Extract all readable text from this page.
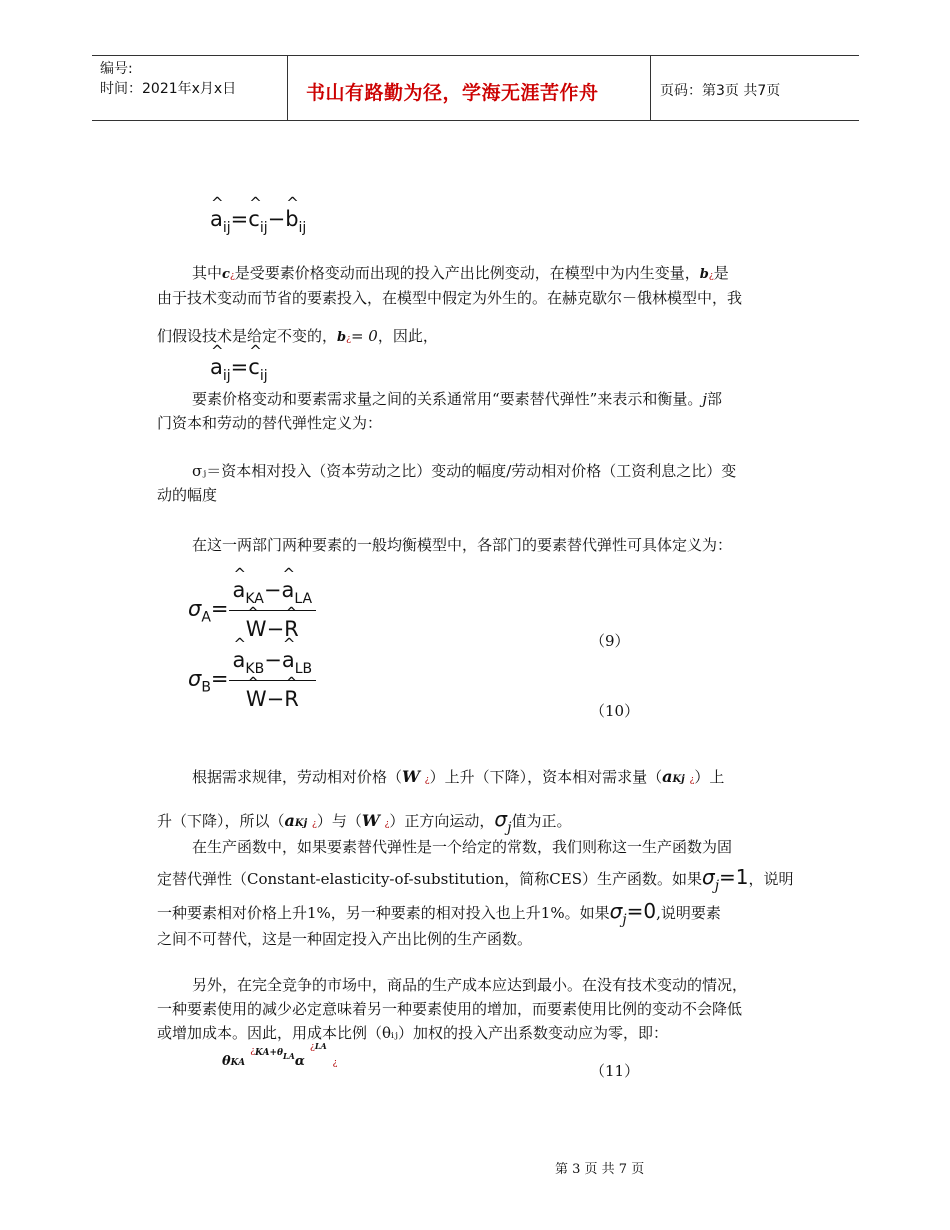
编号:
时间：2021年x月x日	书山有路勤为径，学海无涯苦作舟	页码：第3页 共7页
^ $a_{ij}=\^{}$ $c_{ij}-\^{}$ $b_{ij}$
其中c¿是受要素价格变动而出现的投入产出比例变动，在模型中为内生变量，b¿是
由于技术变动而节省的要素投入，在模型中假定为外生的。在赫克歇尔－俄林模型中，我
们假设技术是给定不变的，b¿= 0，因此，
^ $a_{ij}=\^{}$ $c_{ij}$
要素价格变动和要素需求量之间的关系通常用“要素替代弹性”来表示和衡量。j部
门资本和劳动的替代弹性定义为：
σⱼ＝资本相对投入（资本劳动之比）变动的幅度/劳动相对价格（工资利息之比）变
动的幅度
在这一两部门两种要素的一般均衡模型中，各部门的要素替代弹性可具体定义为：
$\sigma_A=$ ^ $a_{KA}-\^{}$ $a_{LA}$
^ W−^ R	（9）
$\sigma_B=$ ^ $a_{KB}-\^{}$ $a_{LB}$
^ W−^ R	（10）
根据需求规律，劳动相对价格（W ¿）上升（下降），资本相对需求量（aKj ¿）上
升（下降），所以（aKj ¿）与（W ¿）正方向运动，$\sigma_j$值为正。
在生产函数中，如果要素替代弹性是一个给定的常数，我们则称这一生产函数为固
定替代弹性（Constant-elasticity-of-substitution，简称CES）生产函数。如果$\sigma_j=1$，说明
一种要素相对价格上升1%，另一种要素的相对投入也上升1%。如果$\sigma_j=0$,说明要素
之间不可替代，这是一种固定投入产出比例的生产函数。
另外，在完全竞争的市场中，商品的生产成本应达到最小。在没有技术变动的情况，
一种要素使用的减少必定意味着另一种要素使用的增加，而要素使用比例的变动不会降低
或增加成本。因此，用成本比例（θᵢⱼ）加权的投入产出系数变动应为零，即：
θKA $^{¿KA+\theta LA}$α $^{¿LA}$¿	（11）
第 3 页 共 7 页
